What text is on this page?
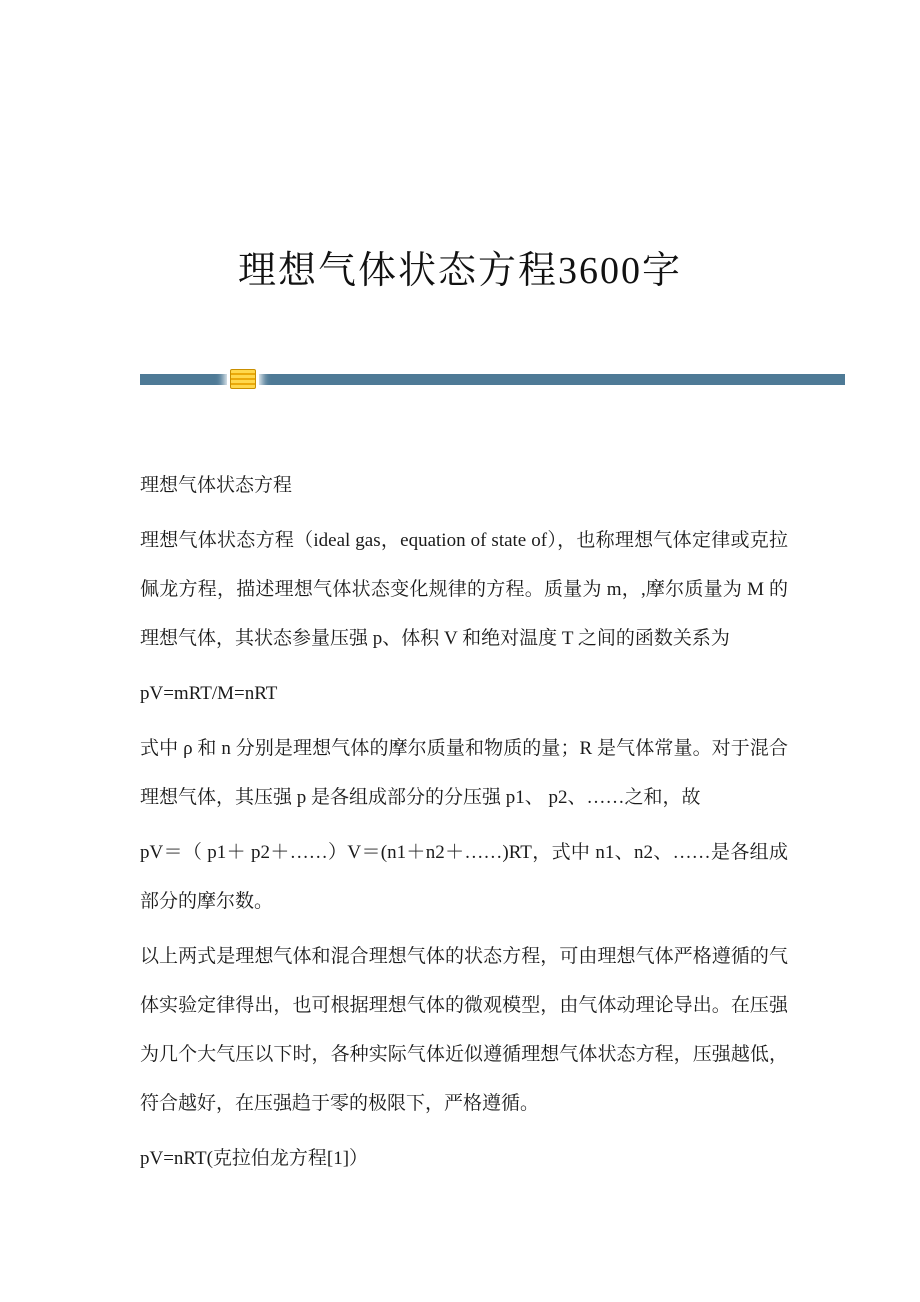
理想气体状态方程3600字

理想气体状态方程

理想气体状态方程（ideal gas，equation of state of），也称理想气体定律或克拉佩龙方程，描述理想气体状态变化规律的方程。质量为 m，,摩尔质量为 M 的理想气体，其状态参量压强 p、体积 V 和绝对温度 T 之间的函数关系为

pV=mRT/M=nRT

式中 ρ 和 n 分别是理想气体的摩尔质量和物质的量；R 是气体常量。对于混合理想气体，其压强 p 是各组成部分的分压强 p1、 p2、……之和，故

pV＝（ p1＋ p2＋……）V＝(n1＋n2＋……)RT，式中 n1、n2、……是各组成部分的摩尔数。

以上两式是理想气体和混合理想气体的状态方程，可由理想气体严格遵循的气体实验定律得出，也可根据理想气体的微观模型，由气体动理论导出。在压强为几个大气压以下时，各种实际气体近似遵循理想气体状态方程，压强越低，符合越好，在压强趋于零的极限下，严格遵循。

pV=nRT(克拉伯龙方程[1]）
